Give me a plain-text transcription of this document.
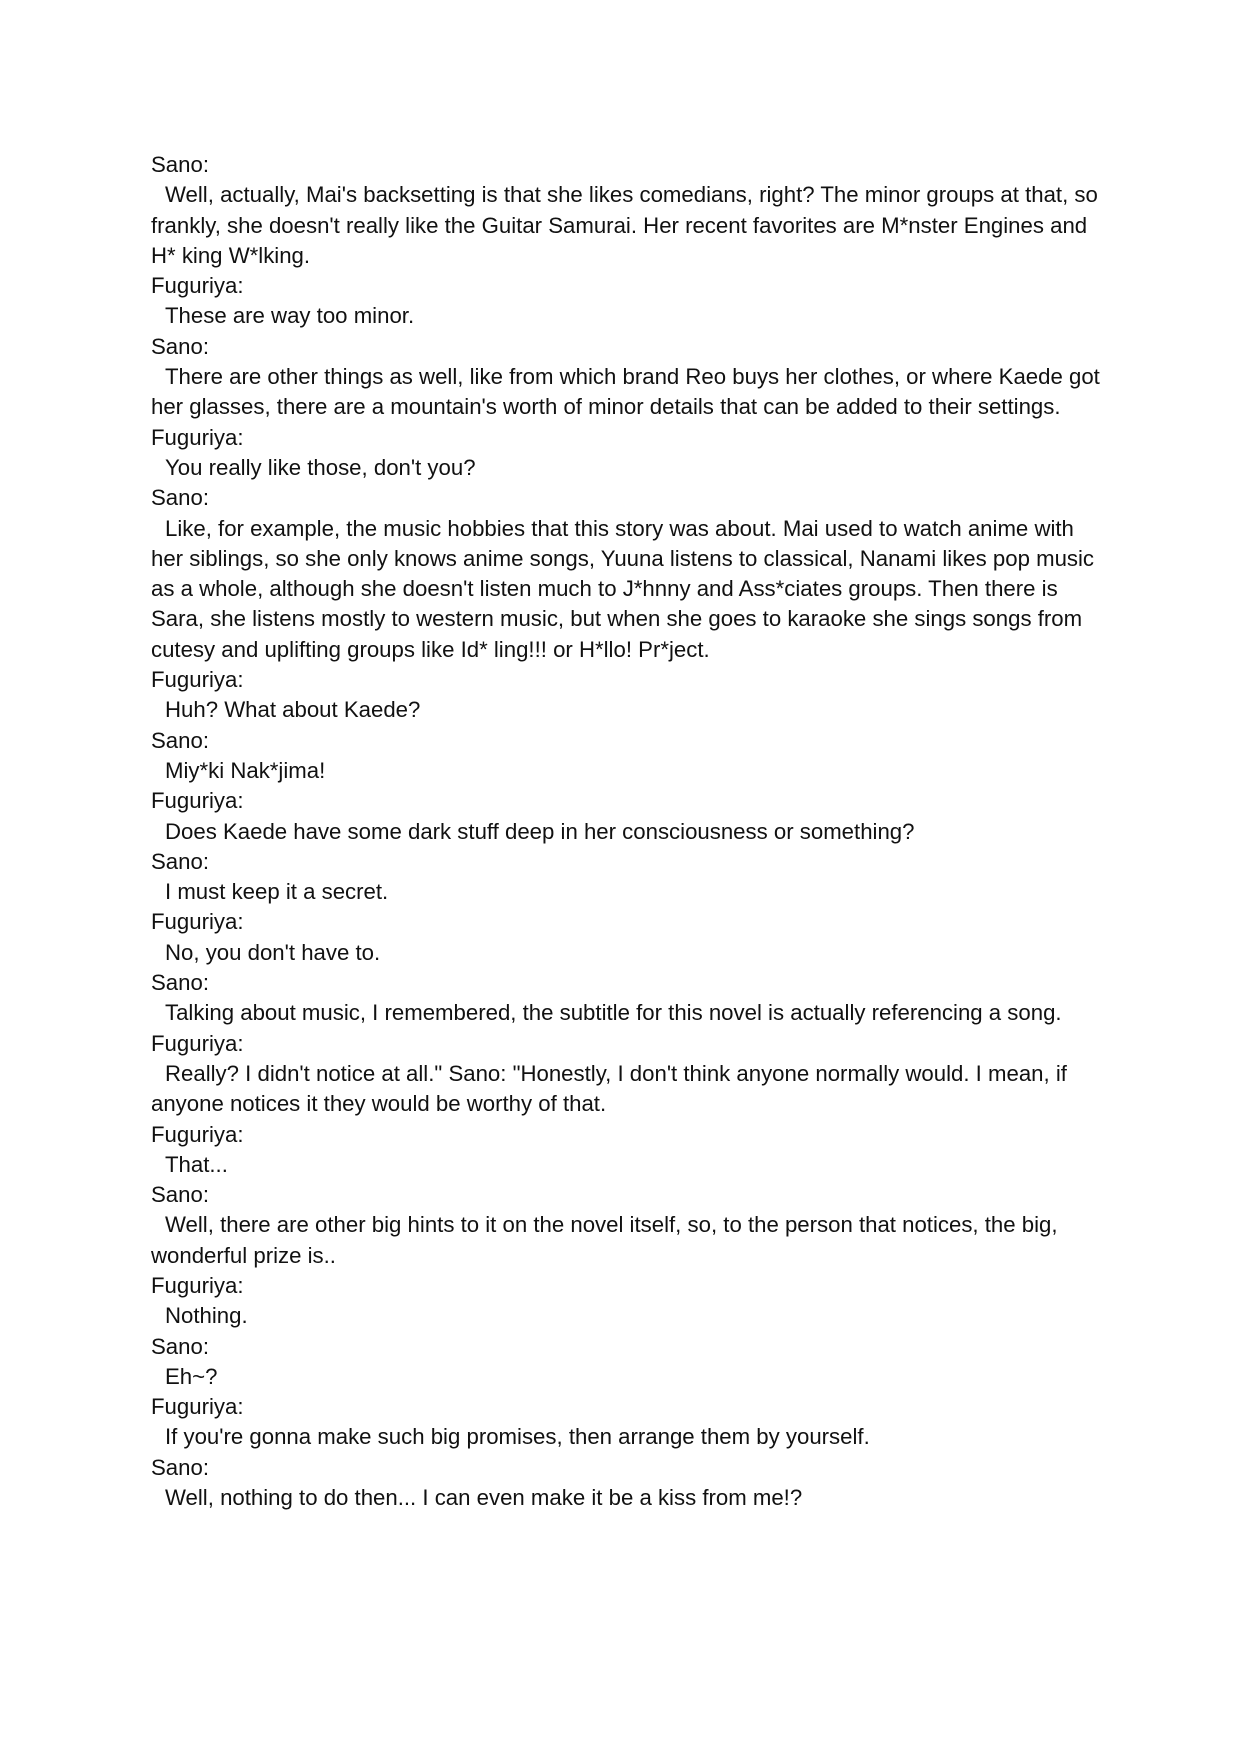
Sano:
Well, actually, Mai's backsetting is that she likes comedians, right? The minor groups at that, so frankly, she doesn't really like the Guitar Samurai. Her recent favorites are M*nster Engines and H* king W*lking.
Fuguriya:
These are way too minor.
Sano:
There are other things as well, like from which brand Reo buys her clothes, or where Kaede got her glasses, there are a mountain's worth of minor details that can be added to their settings.
Fuguriya:
You really like those, don't you?
Sano:
Like, for example, the music hobbies that this story was about. Mai used to watch anime with her siblings, so she only knows anime songs, Yuuna listens to classical, Nanami likes pop music as a whole, although she doesn't listen much to J*hnny and Ass*ciates groups. Then there is Sara, she listens mostly to western music, but when she goes to karaoke she sings songs from cutesy and uplifting groups like Id* ling!!! or H*llo! Pr*ject.
Fuguriya:
Huh? What about Kaede?
Sano:
Miy*ki Nak*jima!
Fuguriya:
Does Kaede have some dark stuff deep in her consciousness or something?
Sano:
I must keep it a secret.
Fuguriya:
No, you don't have to.
Sano:
Talking about music, I remembered, the subtitle for this novel is actually referencing a song.
Fuguriya:
Really? I didn't notice at all." Sano: "Honestly, I don't think anyone normally would. I mean, if anyone notices it they would be worthy of that.
Fuguriya:
That...
Sano:
Well, there are other big hints to it on the novel itself, so, to the person that notices, the big, wonderful prize is..
Fuguriya:
Nothing.
Sano:
Eh~?
Fuguriya:
If you're gonna make such big promises, then arrange them by yourself.
Sano:
Well, nothing to do then... I can even make it be a kiss from me!?
